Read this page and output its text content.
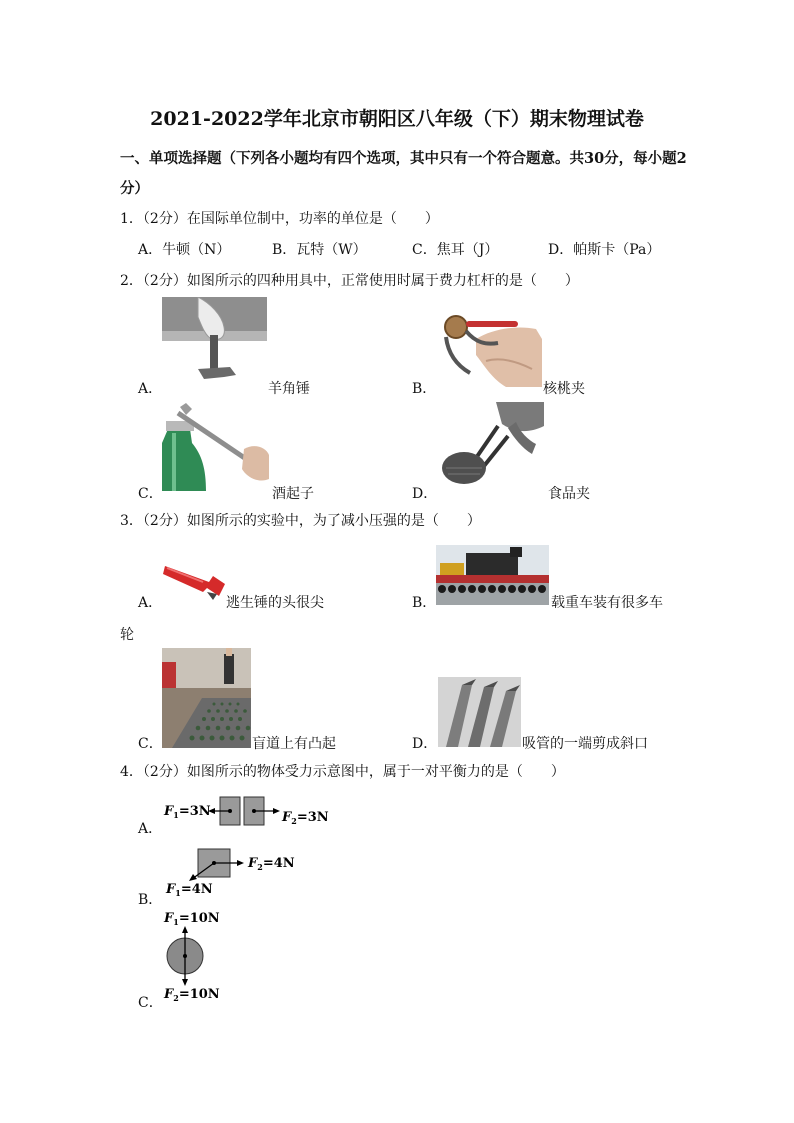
2021-2022学年北京市朝阳区八年级（下）期末物理试卷
一、单项选择题（下列各小题均有四个选项，其中只有一个符合题意。共30分，每小题2
分）
1．（2分）在国际单位制中，功率的单位是（　　）
A．牛顿（N）	B．瓦特（W）	C．焦耳（J）	D．帕斯卡（Pa）
2．（2分）如图所示的四种用具中，正常使用时属于费力杠杆的是（　　）
A．	羊角锤	B．	核桃夹
C．	酒起子	D．	食品夹
3．（2分）如图所示的实验中，为了减小压强的是（　　）
A．	逃生锤的头很尖	B．	载重车装有很多车
轮
C．	盲道上有凸起	D．	吸管的一端剪成斜口
4．（2分）如图所示的物体受力示意图中，属于一对平衡力的是（　　）
A．
$F_1=3N$	$F_2=3N$
B．
$F_2=4N$
$F_1=4N$
C．
$F_1=10N$
$F_2=10N$
